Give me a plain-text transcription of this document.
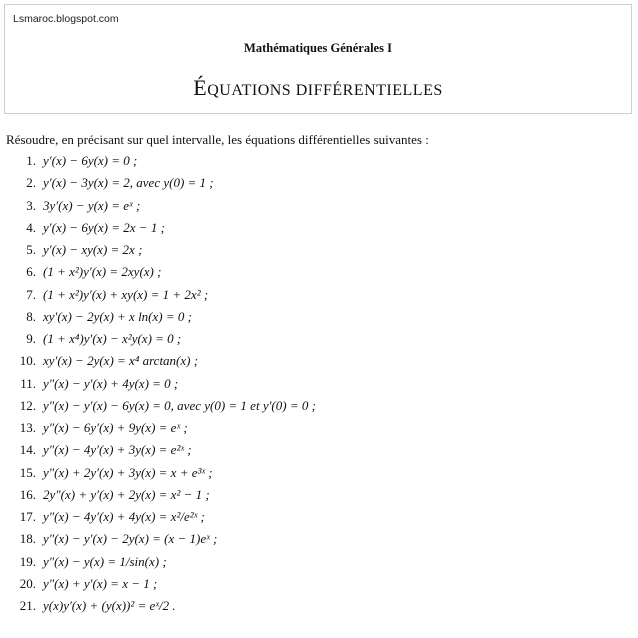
Lsmaroc.blogspot.com
Mathématiques Générales I
ÉQUATIONS DIFFÉRENTIELLES
Résoudre, en précisant sur quel intervalle, les équations différentielles suivantes :
1. y′(x) − 6y(x) = 0 ;
2. y′(x) − 3y(x) = 2, avec y(0) = 1 ;
3. 3y′(x) − y(x) = eˣ ;
4. y′(x) − 6y(x) = 2x − 1 ;
5. y′(x) − xy(x) = 2x ;
6. (1 + x²)y′(x) = 2xy(x) ;
7. (1 + x²)y′(x) + xy(x) = 1 + 2x² ;
8. xy′(x) − 2y(x) + x ln(x) = 0 ;
9. (1 + x⁴)y′(x) − x²y(x) = 0 ;
10. xy′(x) − 2y(x) = x⁴ arctan(x) ;
11. y″(x) − y′(x) + 4y(x) = 0 ;
12. y″(x) − y′(x) − 6y(x) = 0, avec y(0) = 1 et y′(0) = 0 ;
13. y″(x) − 6y′(x) + 9y(x) = eˣ ;
14. y″(x) − 4y′(x) + 3y(x) = e²ˣ ;
15. y″(x) + 2y′(x) + 3y(x) = x + e³ˣ ;
16. 2y″(x) + y′(x) + 2y(x) = x² − 1 ;
17. y″(x) − 4y′(x) + 4y(x) = x²/e²ˣ ;
18. y″(x) − y′(x) − 2y(x) = (x − 1)eˣ ;
19. y″(x) − y(x) = 1/sin(x) ;
20. y″(x) + y′(x) = x − 1 ;
21. y(x)y′(x) + (y(x))² = eˣ/2 .
